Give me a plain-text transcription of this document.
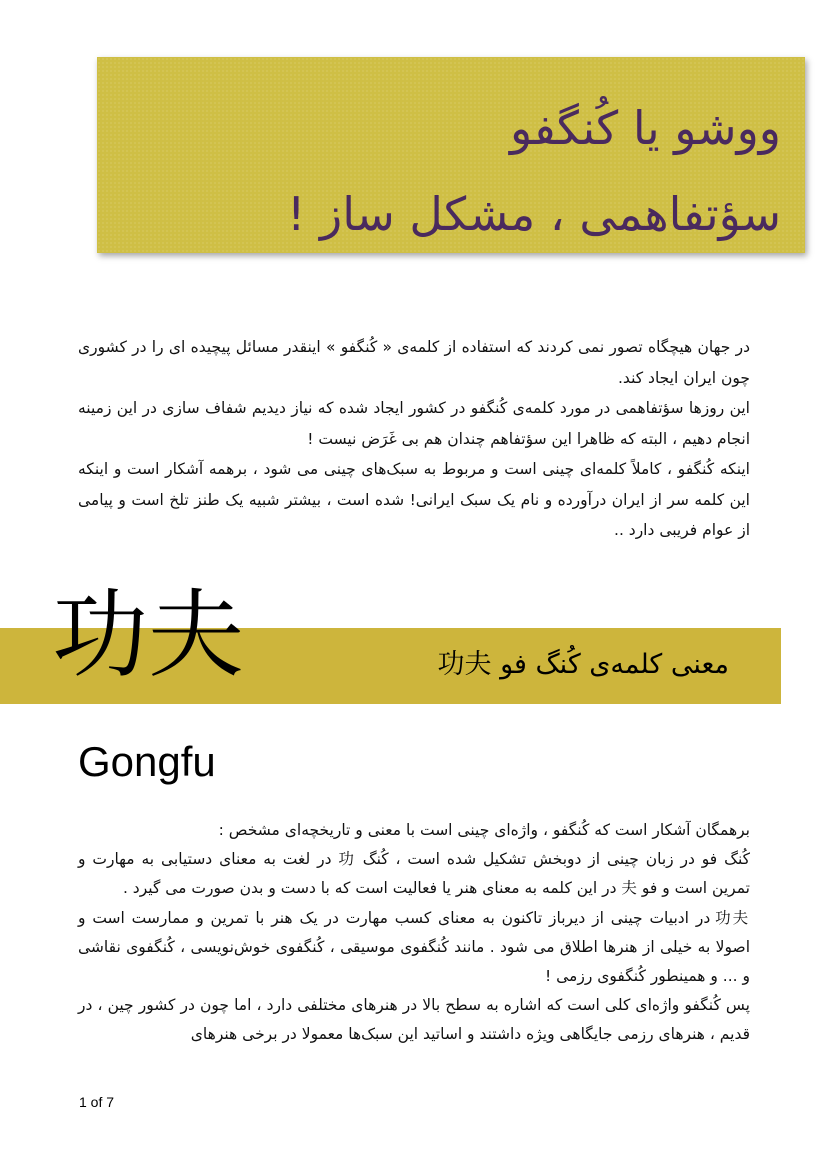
ووشو یا کُنگفو
سؤتفاهمی ، مشکل ساز !

در جهان هیچگاه تصور نمی کردند که استفاده از کلمه‌ی « کُنگفو » اینقدر مسائل پیچیده ای را در کشوری چون ایران ایجاد کند.

این روزها سؤتفاهمی در مورد کلمه‌ی کُنگفو در کشور ایجاد شده که نیاز دیدیم شفاف سازی در این زمینه انجام دهیم ، البته که ظاهرا این سؤتفاهم چندان هم بی غَرَض نیست !

اینکه کُنگفو ، کاملاً کلمه‌ای چینی است و مربوط به سبک‌های چینی می شود ، برهمه آشکار است و اینکه این کلمه سر از ایران درآورده و نام یک سبک ایرانی! شده است ، بیشتر شبیه یک طنز تلخ است و پیامی از عوام فریبی دارد ..

معنی کلمه‌ی کُنگ فو 功夫
功夫
Gongfu

برهمگان آشکار است که کُنگفو ، واژه‌ای چینی است با معنی و تاریخچه‌ای مشخص :

کُنگ فو در زبان چینی از دوبخش تشکیل شده است ، کُنگ 功 در لغت به معنای دستیابی به مهارت و تمرین است و فو 夫 در این کلمه به معنای هنر یا فعالیت است که با دست و بدن صورت می گیرد .

功夫 در ادبیات چینی از دیرباز تاکنون به معنای کسب مهارت در یک هنر با تمرین و ممارست است و اصولا به خیلی از هنرها اطلاق می شود . مانند کُنگفوی موسیقی ، کُنگفوی خوش‌نویسی ، کُنگفوی نقاشی و ... و همینطور کُنگفوی رزمی !

پس کُنگفو واژه‌ای کلی است که اشاره به سطح بالا در هنرهای مختلفی دارد ، اما چون در کشور چین ، در قدیم ، هنرهای رزمی جایگاهی ویژه داشتند و اساتید این سبک‌ها معمولا در برخی هنرهای

1 of 7
